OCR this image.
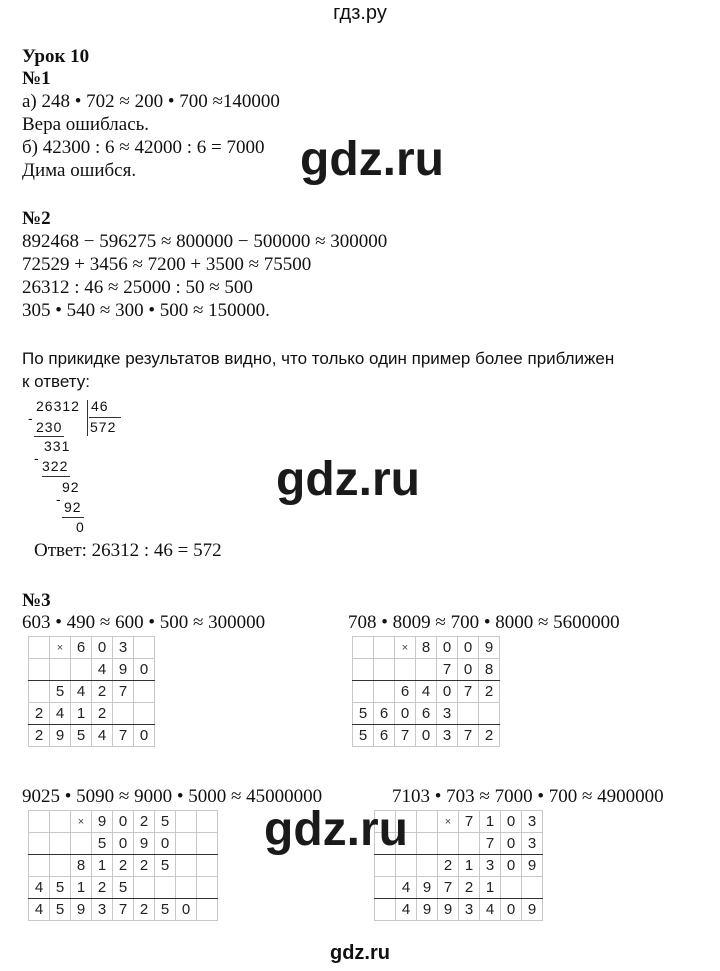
гдз.ру
Урок 10
№1
а) 248 • 702 ≈ 200 • 700 ≈140000
Вера ошиблась.
б) 42300 : 6 ≈ 42000 : 6 = 7000
Дима ошибся.
№2
892468 − 596275 ≈ 800000 − 500000 ≈ 300000
72529 + 3456 ≈ 7200 + 3500 ≈ 75500
26312 : 46 ≈ 25000 : 50 ≈ 500
305 • 540 ≈ 300 • 500 ≈ 150000.
По прикидке результатов видно, что только один пример более приближен
к ответу:
26312 46
572
-
230
331
- 322
92
- 92
0
Ответ: 26312 : 46 = 572
№3
603 • 490 ≈ 600 • 500 ≈ 300000	708 • 8009 ≈ 700 • 8000 ≈ 5600000
9025 • 5090 ≈ 9000 • 5000 ≈ 45000000	7103 • 703 ≈ 7000 • 700 ≈ 4900000
	×	6	0	3	
			4	9	0
	5	4	2	7	
2	4	1	2		
2	9	5	4	7	0
		×	8	0	0	9
				7	0	8
		6	4	0	7	2
5	6	0	6	3		
5	6	7	0	3	7	2
		×	9	0	2	5		
			5	0	9	0		
		8	1	2	2	5		
4	5	1	2	5				
4	5	9	3	7	2	5	0	
			×	7	1	0	3
					7	0	3
			2	1	3	0	9
	4	9	7	2	1		
	4	9	9	3	4	0	9
gdz.ru
gdz.ru
gdz.ru
gdz.ru
